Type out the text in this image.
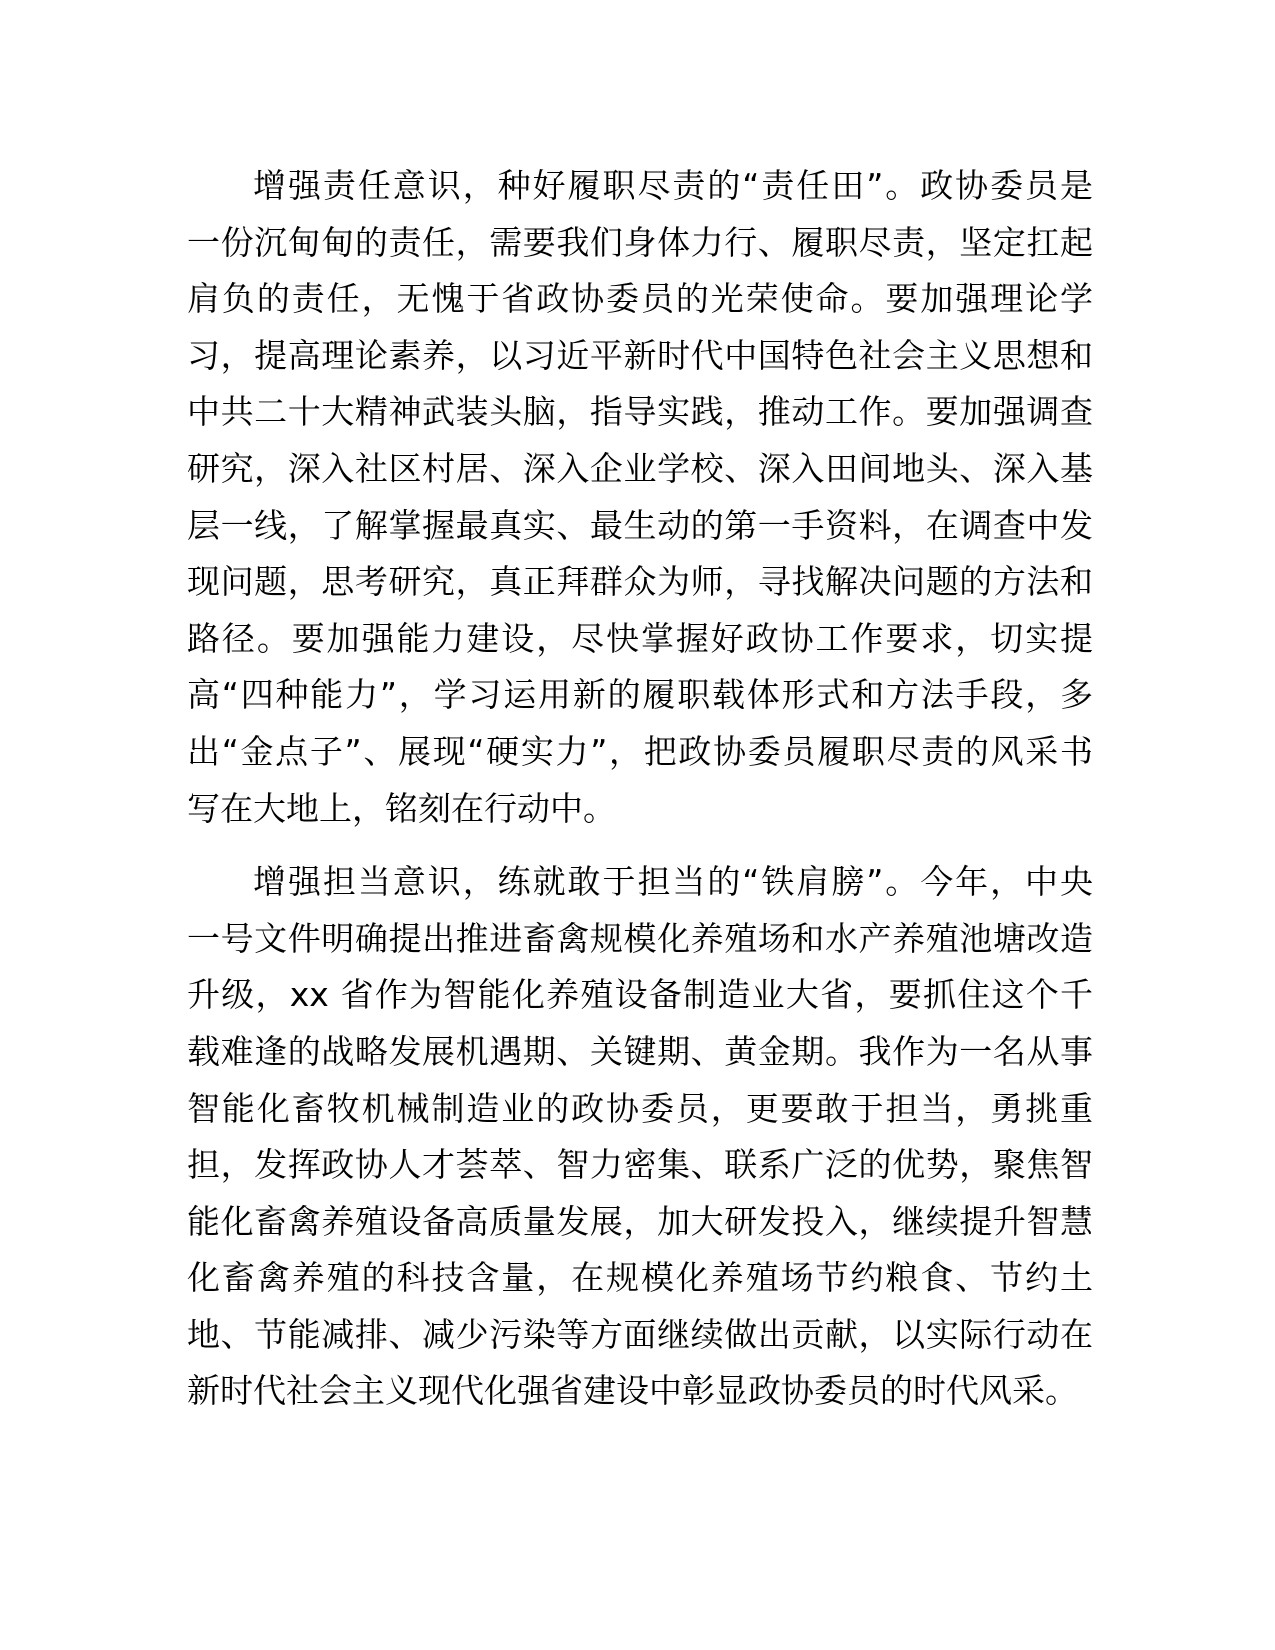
增强责任意识，种好履职尽责的“责任田”。政协委员是
一份沉甸甸的责任，需要我们身体力行、履职尽责，坚定扛起
肩负的责任，无愧于省政协委员的光荣使命。要加强理论学
习，提高理论素养，以习近平新时代中国特色社会主义思想和
中共二十大精神武装头脑，指导实践，推动工作。要加强调查
研究，深入社区村居、深入企业学校、深入田间地头、深入基
层一线，了解掌握最真实、最生动的第一手资料，在调查中发
现问题，思考研究，真正拜群众为师，寻找解决问题的方法和
路径。要加强能力建设，尽快掌握好政协工作要求，切实提
高“四种能力”，学习运用新的履职载体形式和方法手段，多
出“金点子”、展现“硬实力”，把政协委员履职尽责的风采书
写在大地上，铭刻在行动中。

增强担当意识，练就敢于担当的“铁肩膀”。今年，中央
一号文件明确提出推进畜禽规模化养殖场和水产养殖池塘改造
升级，xx 省作为智能化养殖设备制造业大省，要抓住这个千
载难逢的战略发展机遇期、关键期、黄金期。我作为一名从事
智能化畜牧机械制造业的政协委员，更要敢于担当，勇挑重
担，发挥政协人才荟萃、智力密集、联系广泛的优势，聚焦智
能化畜禽养殖设备高质量发展，加大研发投入，继续提升智慧
化畜禽养殖的科技含量，在规模化养殖场节约粮食、节约土
地、节能减排、减少污染等方面继续做出贡献，以实际行动在
新时代社会主义现代化强省建设中彰显政协委员的时代风采。
